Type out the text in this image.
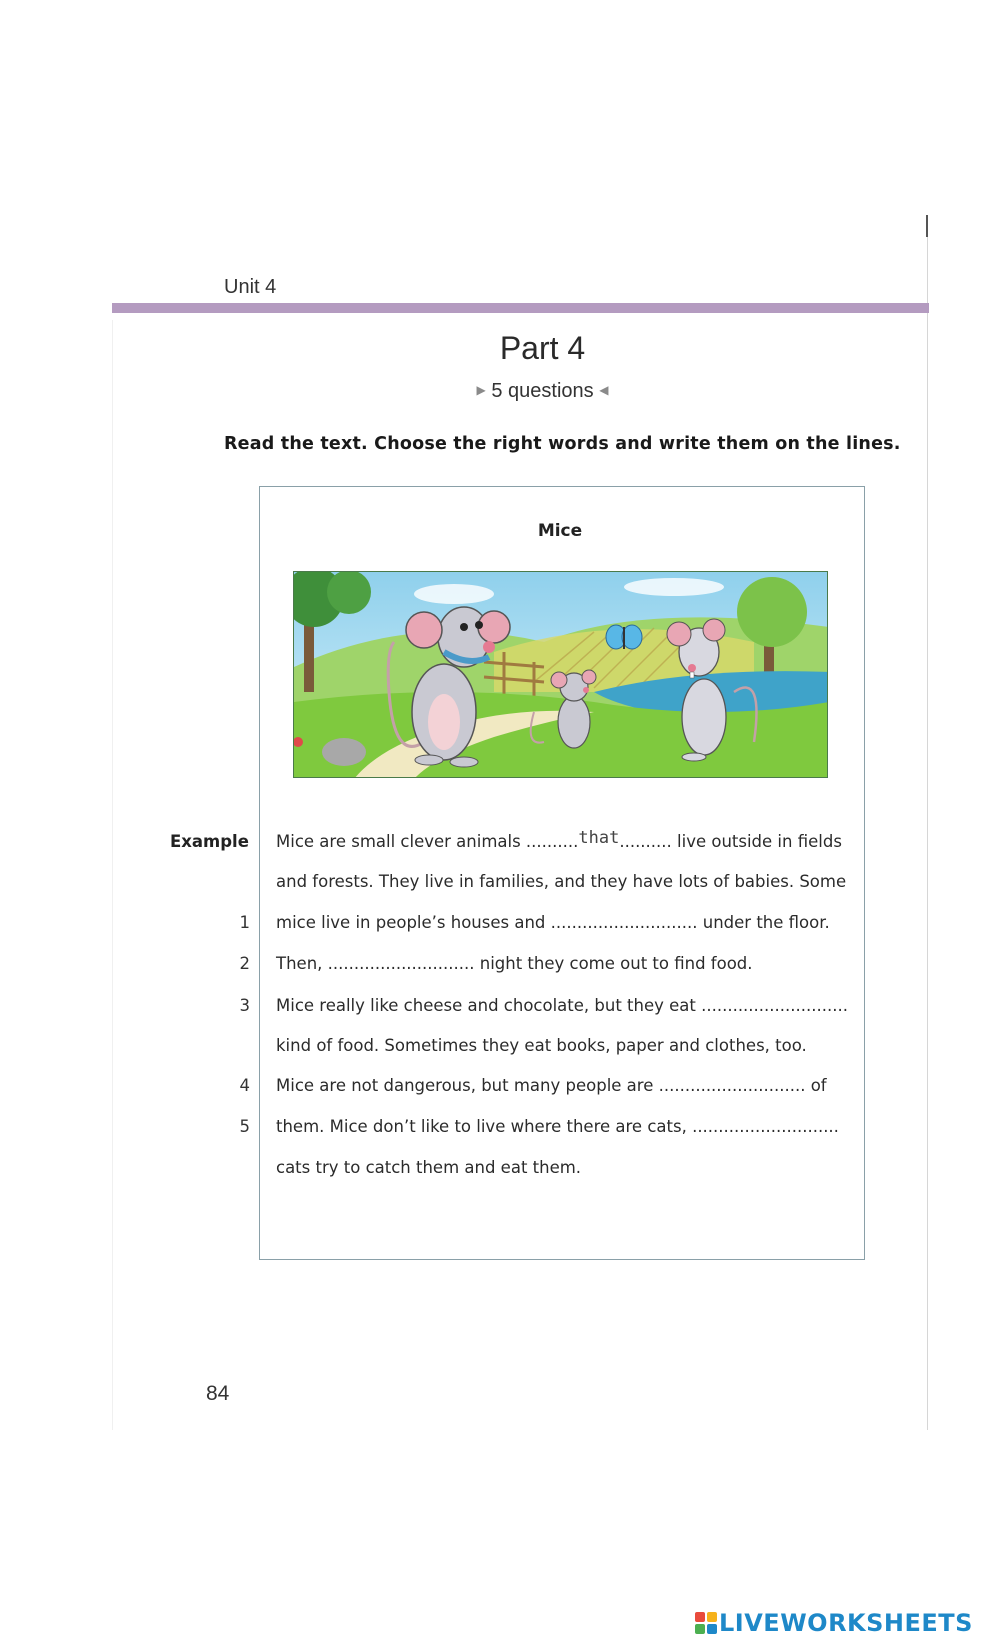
Unit 4
Part 4
▶ 5 questions ◀
Read the text. Choose the right words and write them on the lines.
Mice
Example Mice are small clever animals ..........that.......... live outside in fields
and forests. They live in families, and they have lots of babies. Some
1 mice live in people’s houses and ............................ under the floor.
2 Then, ............................ night they come out to find food.
3 Mice really like cheese and chocolate, but they eat ............................
kind of food. Sometimes they eat books, paper and clothes, too.
4 Mice are not dangerous, but many people are ............................ of
5 them. Mice don’t like to live where there are cats, ............................
cats try to catch them and eat them.
84
LIVEWORKSHEETS
